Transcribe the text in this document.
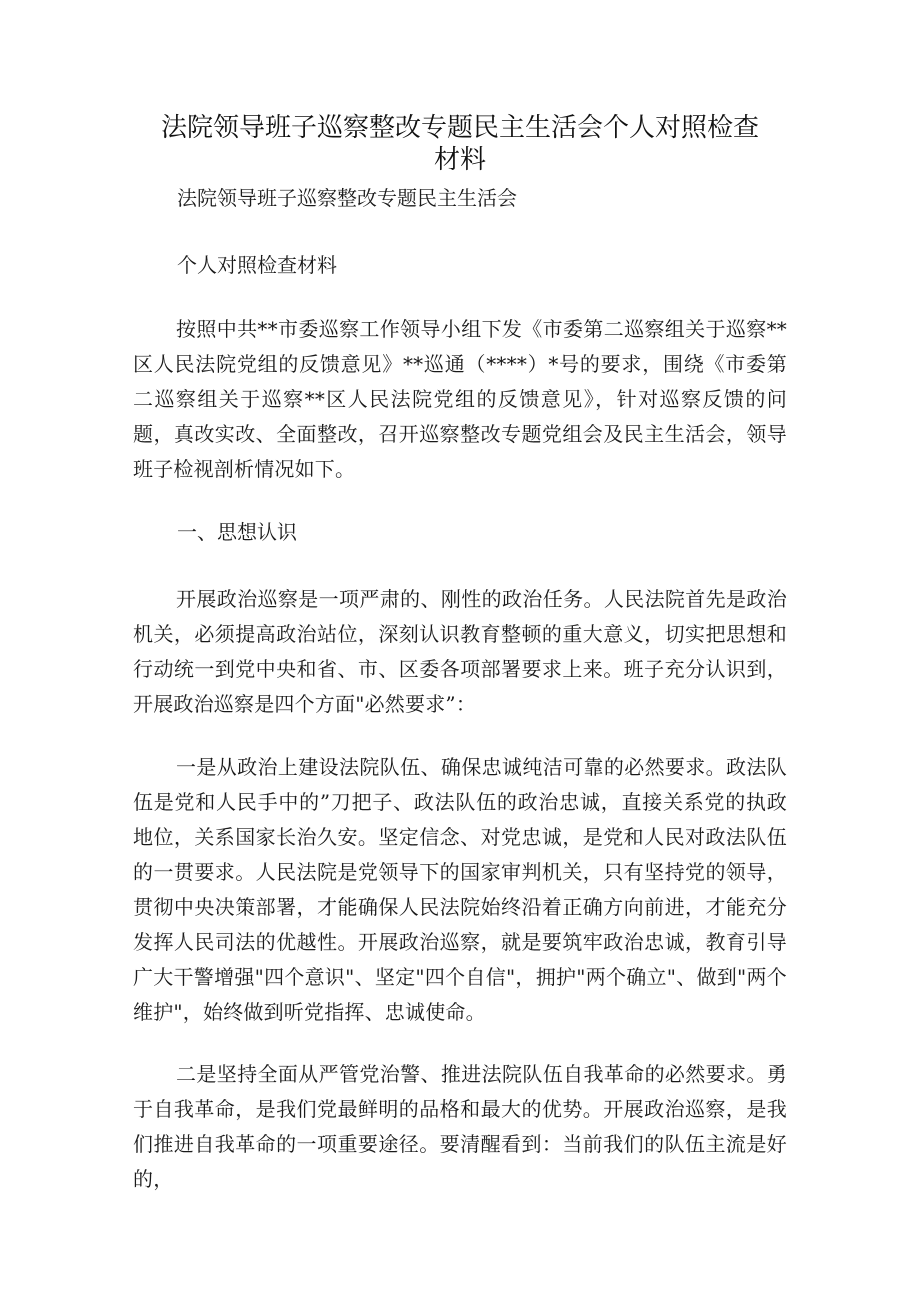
法院领导班子巡察整改专题民主生活会个人对照检查
材料

法院领导班子巡察整改专题民主生活会

个人对照检查材料

按照中共**市委巡察工作领导小组下发《市委第二巡察组关于巡察**区人民法院党组的反馈意见》**巡通（****）*号的要求，围绕《市委第二巡察组关于巡察**区人民法院党组的反馈意见》，针对巡察反馈的问题，真改实改、全面整改，召开巡察整改专题党组会及民主生活会，领导班子检视剖析情况如下。

一、思想认识

开展政治巡察是一项严肃的、刚性的政治任务。人民法院首先是政治机关，必须提高政治站位，深刻认识教育整顿的重大意义，切实把思想和行动统一到党中央和省、市、区委各项部署要求上来。班子充分认识到，开展政治巡察是四个方面"必然要求”：

一是从政治上建设法院队伍、确保忠诚纯洁可靠的必然要求。政法队伍是党和人民手中的”刀把子、政法队伍的政治忠诚，直接关系党的执政地位，关系国家长治久安。坚定信念、对党忠诚，是党和人民对政法队伍的一贯要求。人民法院是党领导下的国家审判机关，只有坚持党的领导，贯彻中央决策部署，才能确保人民法院始终沿着正确方向前进，才能充分发挥人民司法的优越性。开展政治巡察，就是要筑牢政治忠诚，教育引导广大干警增强"四个意识"、坚定"四个自信"，拥护"两个确立"、做到"两个维护"，始终做到听党指挥、忠诚使命。

二是坚持全面从严管党治警、推进法院队伍自我革命的必然要求。勇于自我革命，是我们党最鲜明的品格和最大的优势。开展政治巡察，是我们推进自我革命的一项重要途径。要清醒看到：当前我们的队伍主流是好的，
